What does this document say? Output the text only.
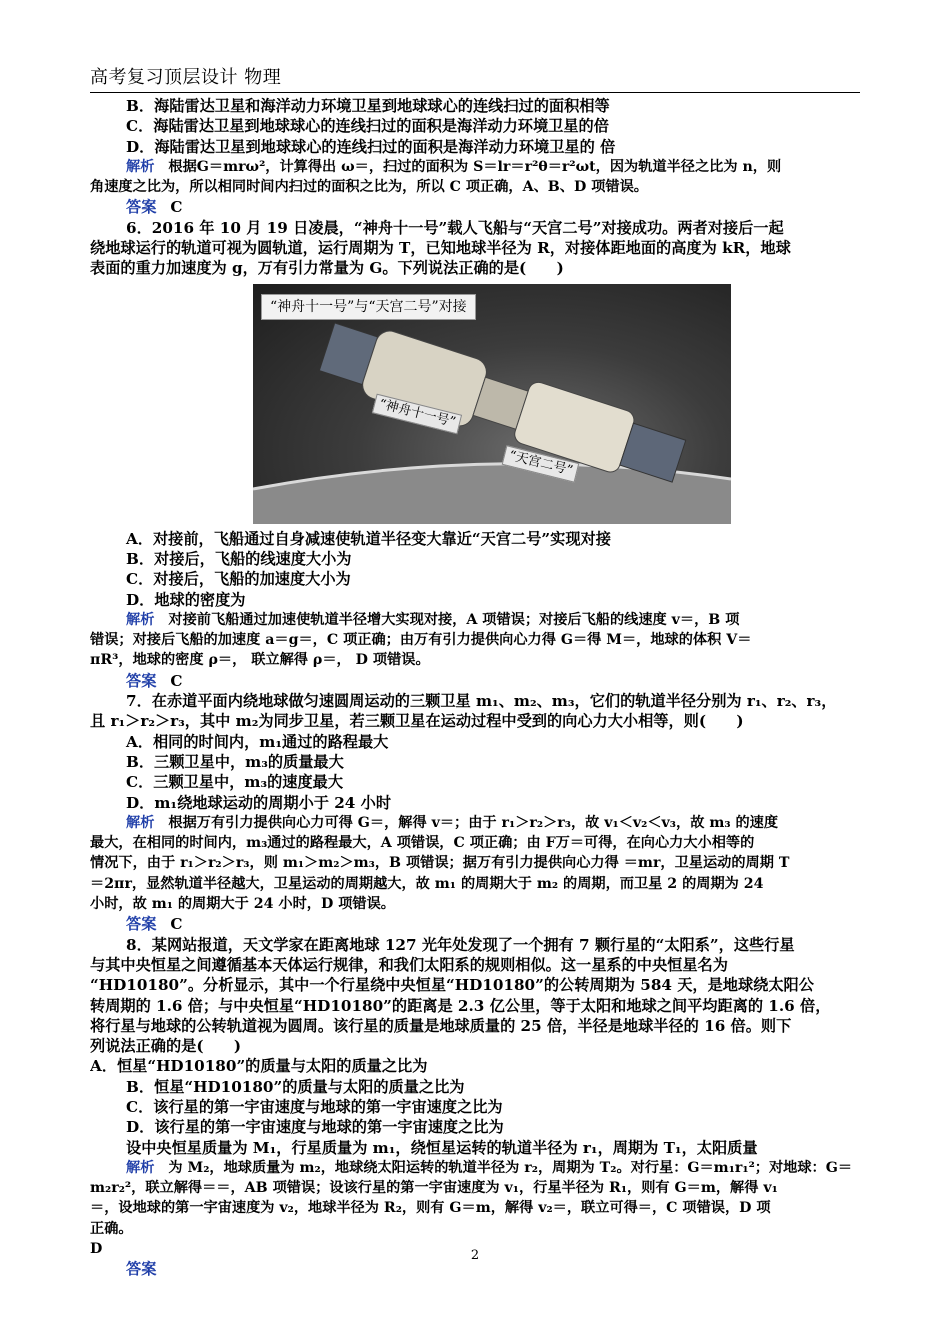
高考复习顶层设计 物理
B．海陆雷达卫星和海洋动力环境卫星到地球球心的连线扫过的面积相等
C．海陆雷达卫星到地球球心的连线扫过的面积是海洋动力环境卫星的倍
D．海陆雷达卫星到地球球心的连线扫过的面积是海洋动力环境卫星的 倍
解析 根据G＝mrω²，计算得出 ω＝，扫过的面积为 S＝lr＝r²θ＝r²ωt，因为轨道半径之比为 n，则
角速度之比为，所以相同时间内扫过的面积之比为，所以 C 项正确，A、B、D 项错误。
答案 C
6．2016 年 10 月 19 日凌晨，“神舟十一号”载人飞船与“天宫二号”对接成功。两者对接后一起
绕地球运行的轨道可视为圆轨道，运行周期为 T，已知地球半径为 R，对接体距地面的高度为 kR，地球
表面的重力加速度为 g，万有引力常量为 G。下列说法正确的是(　　)
“神舟十一号”与“天宫二号”对接
“神舟十一号”
“天宫二号”
A．对接前，飞船通过自身减速使轨道半径变大靠近“天宫二号”实现对接
B．对接后，飞船的线速度大小为
C．对接后，飞船的加速度大小为
D．地球的密度为
解析 对接前飞船通过加速使轨道半径增大实现对接，A 项错误；对接后飞船的线速度 v＝，B 项
错误；对接后飞船的加速度 a＝g＝，C 项正确；由万有引力提供向心力得 G＝得 M＝，地球的体积 V＝
πR³，地球的密度 ρ＝， 联立解得 ρ＝， D 项错误。
答案 C
7．在赤道平面内绕地球做匀速圆周运动的三颗卫星 m₁、m₂、m₃，它们的轨道半径分别为 r₁、r₂、r₃，
且 r₁＞r₂＞r₃，其中 m₂为同步卫星，若三颗卫星在运动过程中受到的向心力大小相等，则(　　)
A．相同的时间内，m₁通过的路程最大
B．三颗卫星中，m₃的质量最大
C．三颗卫星中，m₃的速度最大
D．m₁绕地球运动的周期小于 24 小时
解析 根据万有引力提供向心力可得 G＝，解得 v＝；由于 r₁＞r₂＞r₃，故 v₁＜v₂＜v₃，故 m₃ 的速度
最大，在相同的时间内，m₃通过的路程最大，A 项错误，C 项正确；由 F万＝可得，在向心力大小相等的
情况下，由于 r₁＞r₂＞r₃，则 m₁＞m₂＞m₃，B 项错误；据万有引力提供向心力得 ＝mr，卫星运动的周期 T
＝2πr，显然轨道半径越大，卫星运动的周期越大，故 m₁ 的周期大于 m₂ 的周期，而卫星 2 的周期为 24
小时，故 m₁ 的周期大于 24 小时，D 项错误。
答案 C
8．某网站报道，天文学家在距离地球 127 光年处发现了一个拥有 7 颗行星的“太阳系”，这些行星
与其中央恒星之间遵循基本天体运行规律，和我们太阳系的规则相似。这一星系的中央恒星名为
“HD10180”。分析显示，其中一个行星绕中央恒星“HD10180”的公转周期为 584 天，是地球绕太阳公
转周期的 1.6 倍；与中央恒星“HD10180”的距离是 2.3 亿公里，等于太阳和地球之间平均距离的 1.6 倍，
将行星与地球的公转轨道视为圆周。该行星的质量是地球质量的 25 倍，半径是地球半径的 16 倍。则下
列说法正确的是(　　)
A．恒星“HD10180”的质量与太阳的质量之比为
B．恒星“HD10180”的质量与太阳的质量之比为
C．该行星的第一宇宙速度与地球的第一宇宙速度之比为
D．该行星的第一宇宙速度与地球的第一宇宙速度之比为
设中央恒星质量为 M₁，行星质量为 m₁，绕恒星运转的轨道半径为 r₁，周期为 T₁，太阳质量
解析 为 M₂，地球质量为 m₂，地球绕太阳运转的轨道半径为 r₂，周期为 T₂。对行星：G＝m₁r₁²；对地球：G＝
m₂r₂²，联立解得＝＝，AB 项错误；设该行星的第一宇宙速度为 v₁，行星半径为 R₁，则有 G＝m，解得 v₁
＝，设地球的第一宇宙速度为 v₂，地球半径为 R₂，则有 G＝m，解得 v₂＝，联立可得＝，C 项错误，D 项
正确。
D
答案
2
